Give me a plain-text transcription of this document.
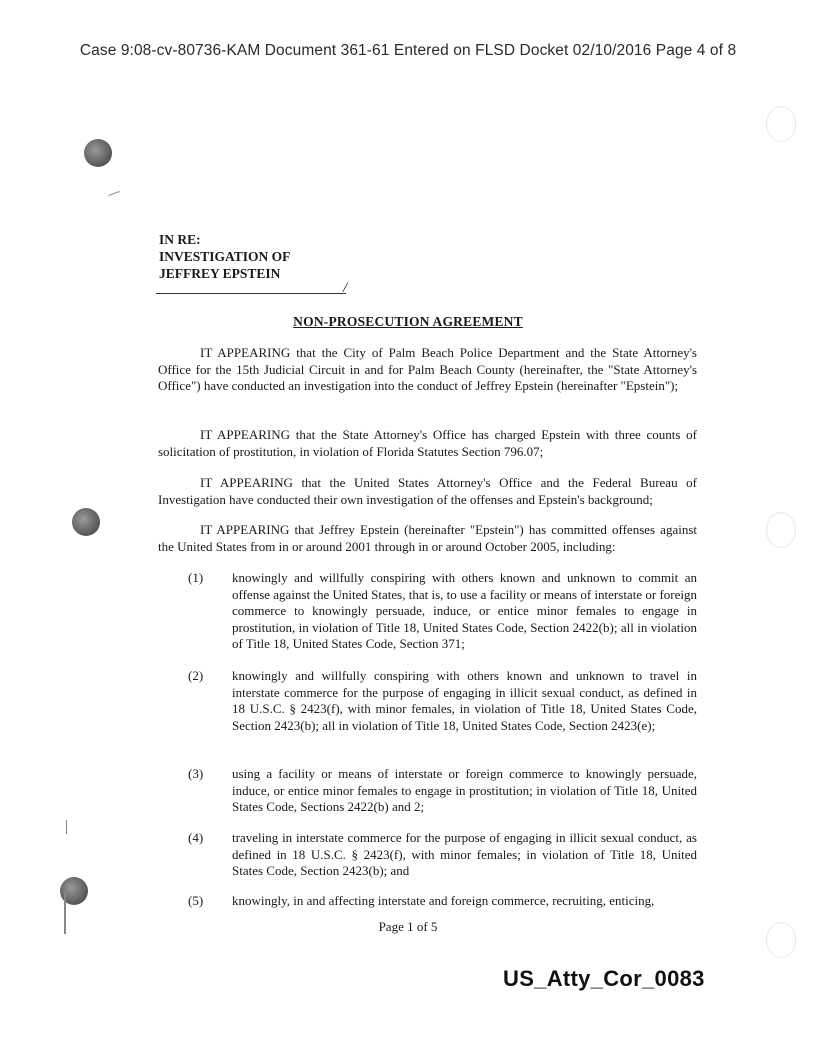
Case 9:08-cv-80736-KAM Document 361-61 Entered on FLSD Docket 02/10/2016 Page 4 of 8
IN RE:
INVESTIGATION OF
JEFFREY EPSTEIN
/
NON-PROSECUTION AGREEMENT
IT APPEARING that the City of Palm Beach Police Department and the State Attorney's Office for the 15th Judicial Circuit in and for Palm Beach County (hereinafter, the "State Attorney's Office") have conducted an investigation into the conduct of Jeffrey Epstein (hereinafter "Epstein");
IT APPEARING that the State Attorney's Office has charged Epstein with three counts of solicitation of prostitution, in violation of Florida Statutes Section 796.07;
IT APPEARING that the United States Attorney's Office and the Federal Bureau of Investigation have conducted their own investigation of the offenses and Epstein's background;
IT APPEARING that Jeffrey Epstein (hereinafter "Epstein") has committed offenses against the United States from in or around 2001 through in or around October 2005, including:
(1)	knowingly and willfully conspiring with others known and unknown to commit an offense against the United States, that is, to use a facility or means of interstate or foreign commerce to knowingly persuade, induce, or entice minor females to engage in prostitution, in violation of Title 18, United States Code, Section 2422(b); all in violation of Title 18, United States Code, Section 371;
(2)	knowingly and willfully conspiring with others known and unknown to travel in interstate commerce for the purpose of engaging in illicit sexual conduct, as defined in 18 U.S.C. § 2423(f), with minor females, in violation of Title 18, United States Code, Section 2423(b); all in violation of Title 18, United States Code, Section 2423(e);
(3)	using a facility or means of interstate or foreign commerce to knowingly persuade, induce, or entice minor females to engage in prostitution; in violation of Title 18, United States Code, Sections 2422(b) and 2;
(4)	traveling in interstate commerce for the purpose of engaging in illicit sexual conduct, as defined in 18 U.S.C. § 2423(f), with minor females; in violation of Title 18, United States Code, Section 2423(b); and
(5)	knowingly, in and affecting interstate and foreign commerce, recruiting, enticing,
Page 1 of 5
US_Atty_Cor_0083
